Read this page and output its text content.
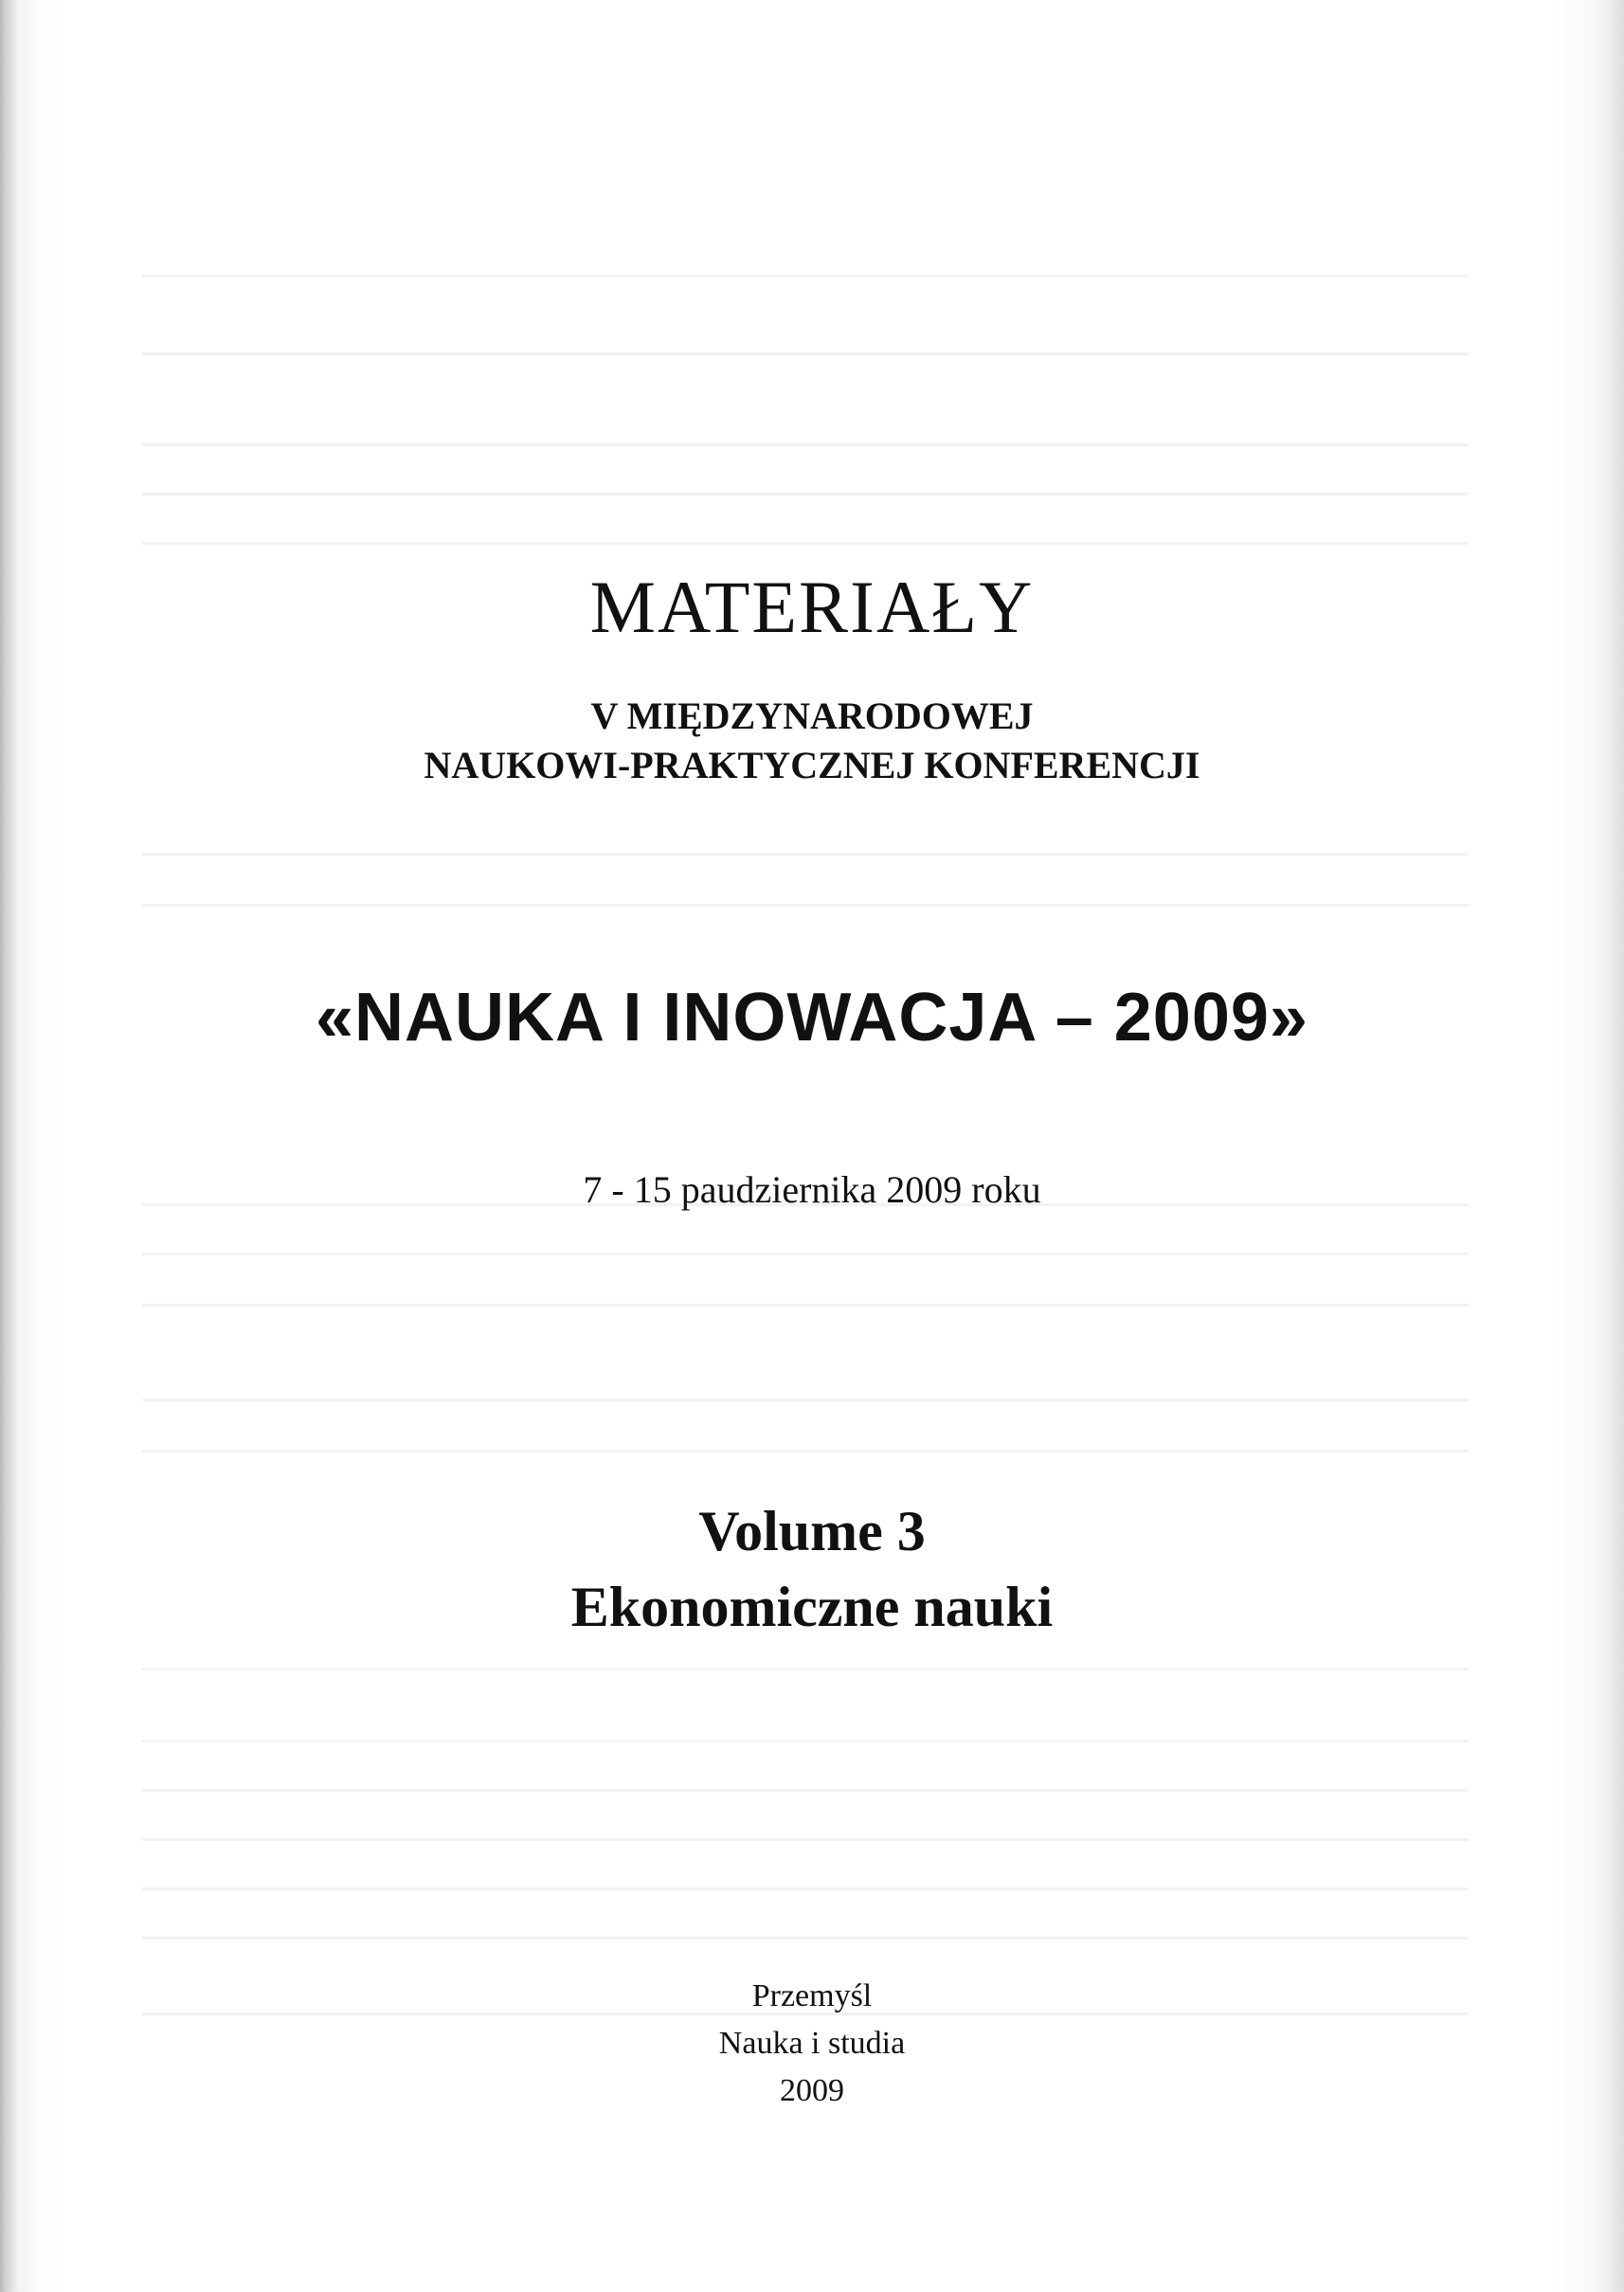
MATERIAŁY
V MIĘDZYNARODOWEJ
NAUKOWI-PRAKTYCZNEJ KONFERENCJI
«NAUKA I INOWACJA – 2009»
7 - 15 paudziernika 2009 roku
Volume 3
Ekonomiczne nauki
Przemyśl
Nauka i studia
2009
